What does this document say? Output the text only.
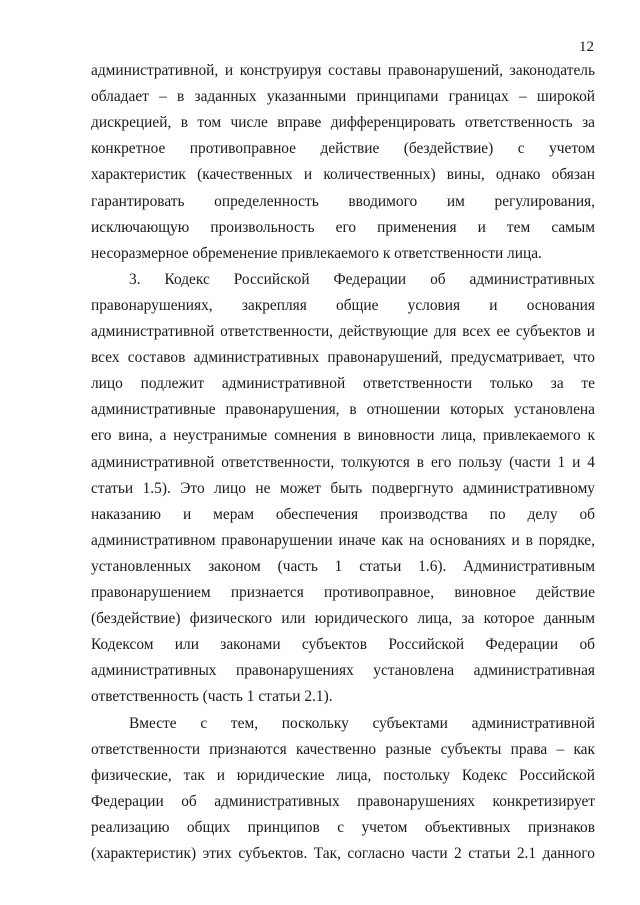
12
административной, и конструируя составы правонарушений, законодатель
обладает – в заданных указанными принципами границах – широкой
дискрецией, в том числе вправе дифференцировать ответственность за
конкретное противоправное действие (бездействие) с учетом
характеристик (качественных и количественных) вины, однако обязан
гарантировать определенность вводимого им регулирования,
исключающую произвольность его применения и тем самым
несоразмерное обременение привлекаемого к ответственности лица.
3. Кодекс Российской Федерации об административных
правонарушениях, закрепляя общие условия и основания
административной ответственности, действующие для всех ее субъектов и
всех составов административных правонарушений, предусматривает, что
лицо подлежит административной ответственности только за те
административные правонарушения, в отношении которых установлена
его вина, а неустранимые сомнения в виновности лица, привлекаемого к
административной ответственности, толкуются в его пользу (части 1 и 4
статьи 1.5). Это лицо не может быть подвергнуто административному
наказанию и мерам обеспечения производства по делу об
административном правонарушении иначе как на основаниях и в порядке,
установленных законом (часть 1 статьи 1.6). Административным
правонарушением признается противоправное, виновное действие
(бездействие) физического или юридического лица, за которое данным
Кодексом или законами субъектов Российской Федерации об
административных правонарушениях установлена административная
ответственность (часть 1 статьи 2.1).
Вместе с тем, поскольку субъектами административной
ответственности признаются качественно разные субъекты права – как
физические, так и юридические лица, постольку Кодекс Российской
Федерации об административных правонарушениях конкретизирует
реализацию общих принципов с учетом объективных признаков
(характеристик) этих субъектов. Так, согласно части 2 статьи 2.1 данного
